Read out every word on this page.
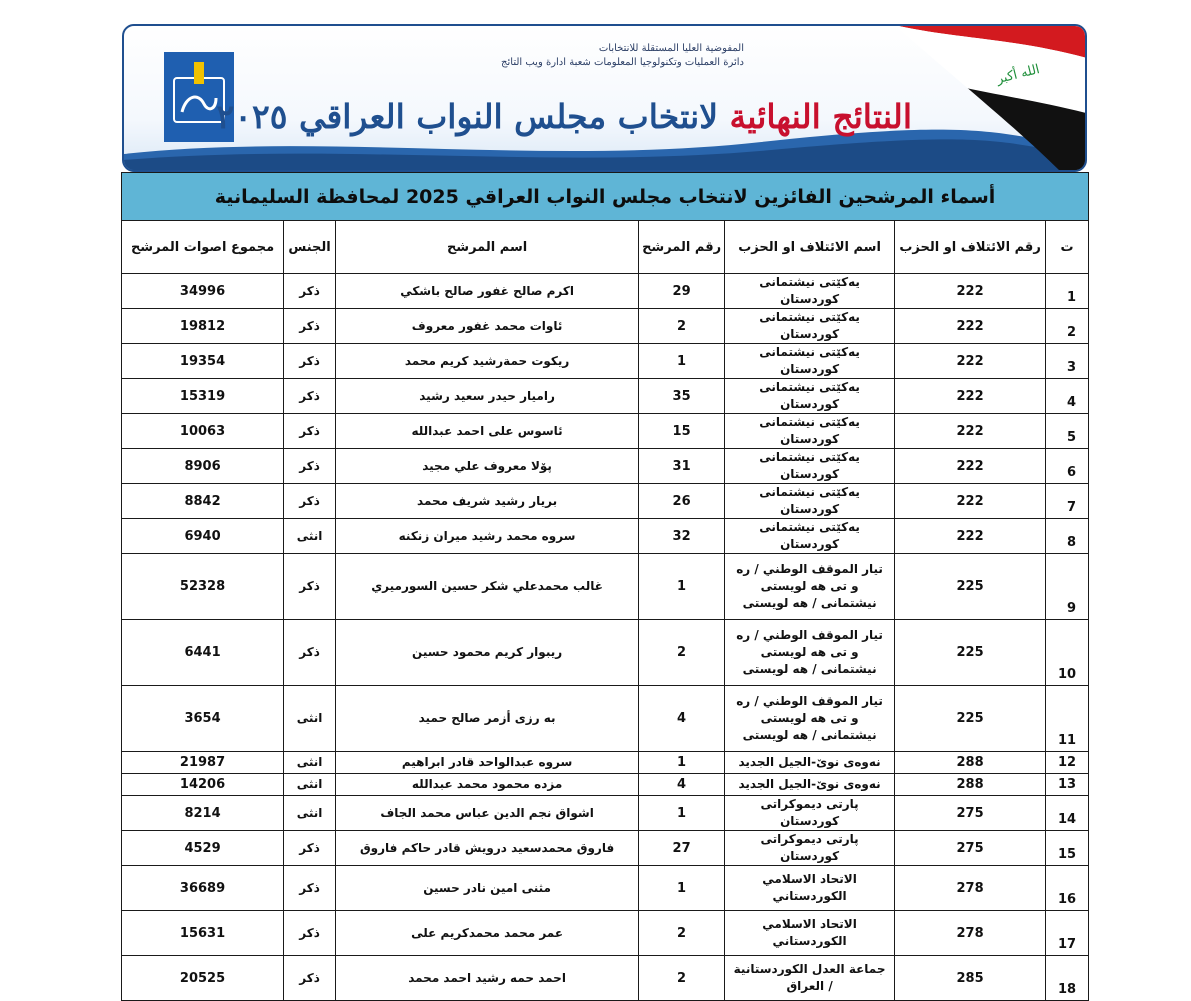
الله أكبر
المفوضية العليا المستقلة للانتخابات
دائرة العمليات وتكنولوجيا المعلومات شعبة ادارة ويب التائج
النتائج النهائية لانتخاب مجلس النواب العراقي ٢٠٢٥
أسماء المرشحين الفائزين لانتخاب مجلس النواب العراقي 2025 لمحافظة السليمانية						
ت	رقم الائتلاف او الحزب	اسم الائتلاف او الحزب	رقم المرشح	اسم المرشح	الجنس	مجموع اصوات المرشح
1	222	يەكێتی نیشتمانی كوردستان	29	اكرم صالح غفور صالح باشكي	ذكر	34996
2	222	يەكێتی نیشتمانی كوردستان	2	ئاوات محمد غفور معروف	ذكر	19812
3	222	يەكێتی نیشتمانی كوردستان	1	ريكوت حمةرشيد كريم محمد	ذكر	19354
4	222	يەكێتی نیشتمانی كوردستان	35	راميار حيدر سعيد رشيد	ذكر	15319
5	222	يەكێتی نیشتمانی كوردستان	15	ئاسوس على احمد عبدالله	ذكر	10063
6	222	يەكێتی نیشتمانی كوردستان	31	پۆلا معروف علي مجيد	ذكر	8906
7	222	يەكێتی نیشتمانی كوردستان	26	بريار رشيد شريف محمد	ذكر	8842
8	222	يەكێتی نیشتمانی كوردستان	32	سروه محمد رشيد ميران زنكنه	انثى	6940
9	225	تيار الموقف الوطني / ره و تى هه لويستى نيشتمانى / هه لويستى	1	غالب محمدعلي شكر حسين السورميري	ذكر	52328
10	225	تيار الموقف الوطني / ره و تى هه لويستى نيشتمانى / هه لويستى	2	ريبوار كريم محمود حسين	ذكر	6441
11	225	تيار الموقف الوطني / ره و تى هه لويستى نيشتمانى / هه لويستى	4	به رزى أزمر صالح حميد	انثى	3654
12	288	نەوەی نوێ-الجيل الجديد	1	سروه عبدالواحد قادر ابراهيم	انثى	21987
13	288	نەوەی نوێ-الجيل الجديد	4	مزده محمود محمد عبدالله	انثى	14206
14	275	پارتی ديموكراتی كوردستان	1	اشواق نجم الدين عباس محمد الجاف	انثى	8214
15	275	پارتی ديموكراتی كوردستان	27	فاروق محمدسعيد درويش قادر حاكم فاروق	ذكر	4529
16	278	الاتحاد الاسلامي الكوردستاني	1	مثنى امين نادر حسين	ذكر	36689
17	278	الاتحاد الاسلامي الكوردستاني	2	عمر محمد محمدكريم على	ذكر	15631
18	285	جماعة العدل الكوردستانية / العراق	2	احمد حمه رشيد احمد محمد	ذكر	20525
